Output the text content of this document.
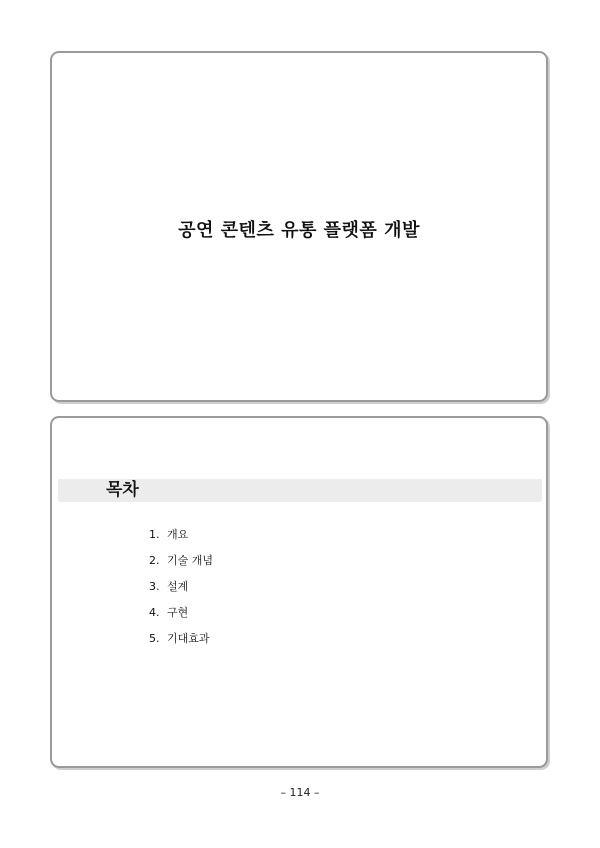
공연 콘텐츠 유통 플랫폼 개발
목차
1. 개요
2. 기술 개념
3. 설계
4. 구현
5. 기대효과
– 114 –
